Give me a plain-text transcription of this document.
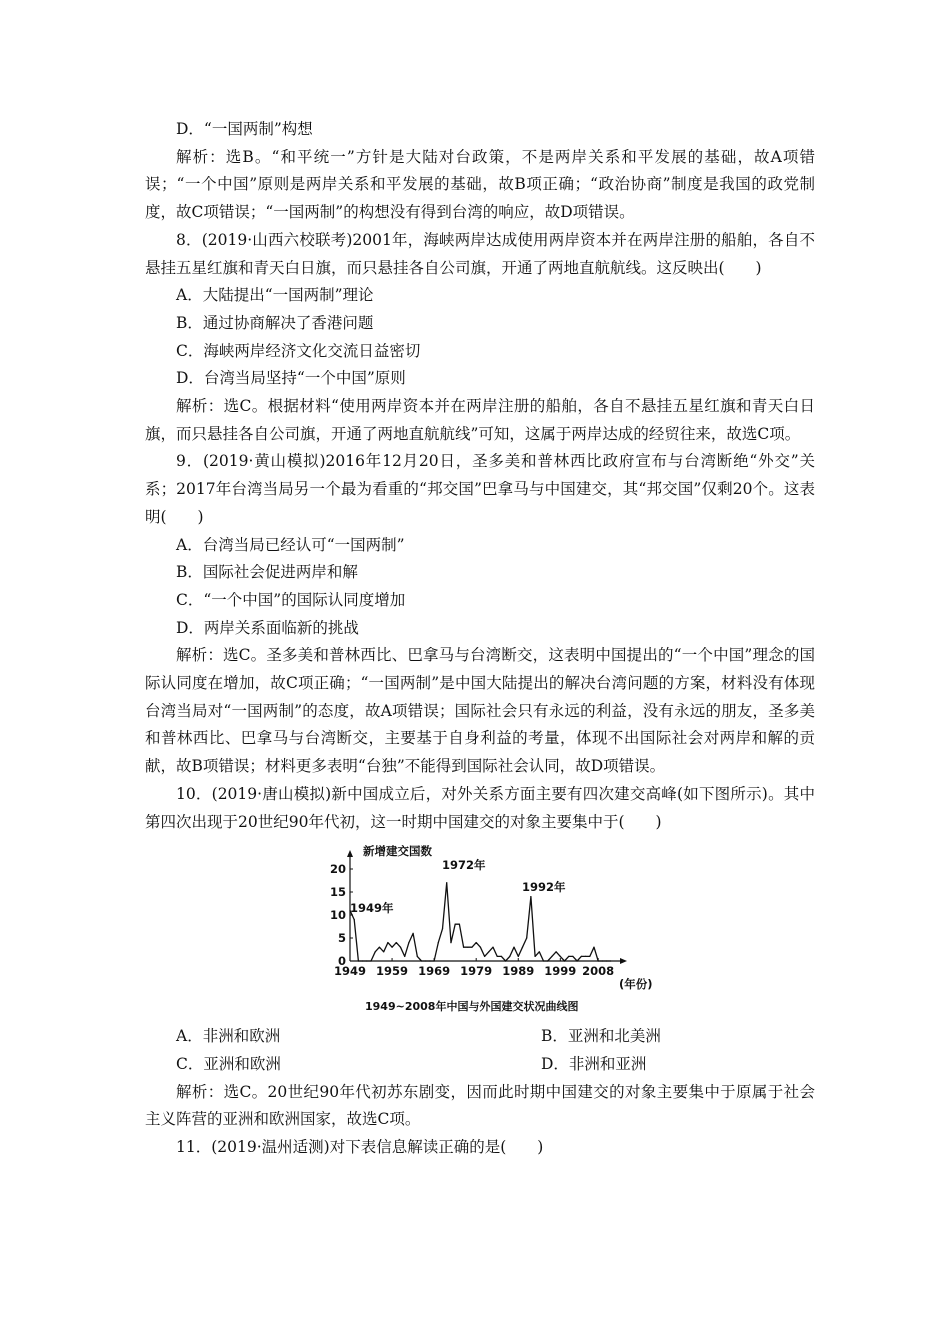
D．“一国两制”构想

解析：选B。“和平统一”方针是大陆对台政策，不是两岸关系和平发展的基础，故A项错误；“一个中国”原则是两岸关系和平发展的基础，故B项正确；“政治协商”制度是我国的政党制度，故C项错误；“一国两制”的构想没有得到台湾的响应，故D项错误。

8．(2019·山西六校联考)2001年，海峡两岸达成使用两岸资本并在两岸注册的船舶，各自不悬挂五星红旗和青天白日旗，而只悬挂各自公司旗，开通了两地直航航线。这反映出(　　)

A．大陆提出“一国两制”理论

B．通过协商解决了香港问题

C．海峡两岸经济文化交流日益密切

D．台湾当局坚持“一个中国”原则

解析：选C。根据材料“使用两岸资本并在两岸注册的船舶，各自不悬挂五星红旗和青天白日旗，而只悬挂各自公司旗，开通了两地直航航线”可知，这属于两岸达成的经贸往来，故选C项。

9．(2019·黄山模拟)2016年12月20日，圣多美和普林西比政府宣布与台湾断绝“外交”关系；2017年台湾当局另一个最为看重的“邦交国”巴拿马与中国建交，其“邦交国”仅剩20个。这表明(　　)

A．台湾当局已经认可“一国两制”

B．国际社会促进两岸和解

C．“一个中国”的国际认同度增加

D．两岸关系面临新的挑战

解析：选C。圣多美和普林西比、巴拿马与台湾断交，这表明中国提出的“一个中国”理念的国际认同度在增加，故C项正确；“一国两制”是中国大陆提出的解决台湾问题的方案，材料没有体现台湾当局对“一国两制”的态度，故A项错误；国际社会只有永远的利益，没有永远的朋友，圣多美和普林西比、巴拿马与台湾断交，主要基于自身利益的考量，体现不出国际社会对两岸和解的贡献，故B项错误；材料更多表明“台独”不能得到国际社会认同，故D项错误。

10．(2019·唐山模拟)新中国成立后，对外关系方面主要有四次建交高峰(如下图所示)。其中第四次出现于20世纪90年代初，这一时期中国建交的对象主要集中于(　　)

0
5
10
15
20
1949 1959 1969 1979 1989 1999 2008
新增建交国数
(年份)
1949年
1972年
1992年
1949~2008年中国与外国建交状况曲线图
A．非洲和欧洲	B．亚洲和北美洲
C．亚洲和欧洲	D．非洲和亚洲

解析：选C。20世纪90年代初苏东剧变，因而此时期中国建交的对象主要集中于原属于社会主义阵营的亚洲和欧洲国家，故选C项。

11．(2019·温州适测)对下表信息解读正确的是(　　)
